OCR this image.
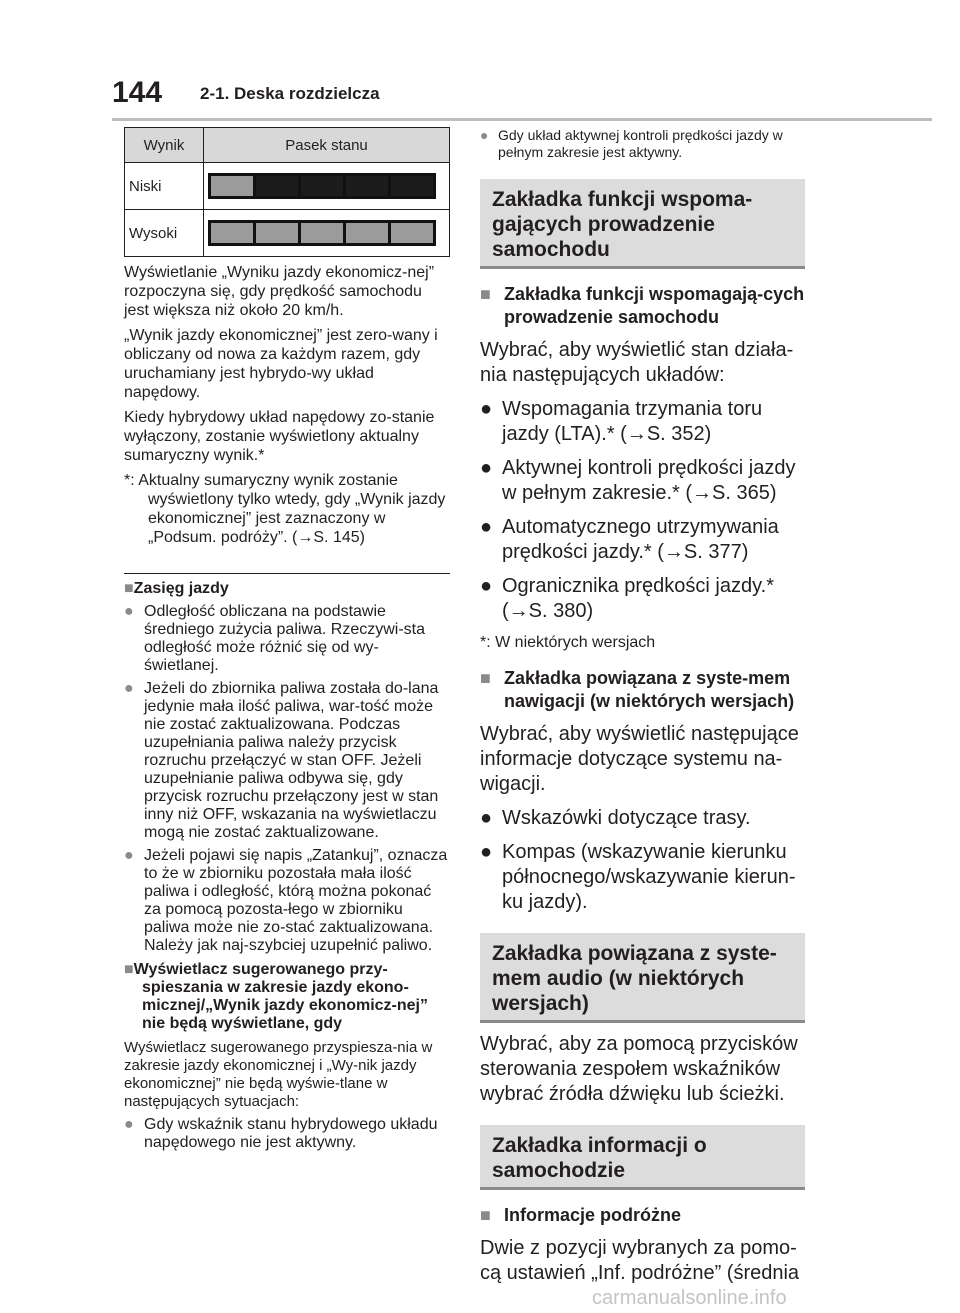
144 2-1. Deska rozdzielcza
Wynik	Pasek stanu
Niski	

Wysoki	

Wyświetlanie „Wyniku jazdy ekonomicz-nej” rozpoczyna się, gdy prędkość samochodu jest większa niż około 20 km/h.

„Wynik jazdy ekonomicznej” jest zero-wany i obliczany od nowa za każdym razem, gdy uruchamiany jest hybrydo-wy układ napędowy.

Kiedy hybrydowy układ napędowy zo-stanie wyłączony, zostanie wyświetlony aktualny sumaryczny wynik.*

*: Aktualny sumaryczny wynik zostanie wyświetlony tylko wtedy, gdy „Wynik jazdy ekonomicznej” jest zaznaczony w „Podsum. podróży”. (→S. 145)

■Zasięg jazdy
● Odległość obliczana na podstawie średniego zużycia paliwa. Rzeczywi-sta odległość może różnić się od wy-świetlanej.
● Jeżeli do zbiornika paliwa została do-lana jedynie mała ilość paliwa, war-tość może nie zostać zaktualizowana. Podczas uzupełniania paliwa należy przycisk rozruchu przełączyć w stan OFF. Jeżeli uzupełnianie paliwa odbywa się, gdy przycisk rozruchu przełączony jest w stan inny niż OFF, wskazania na wyświetlaczu mogą nie zostać zaktualizowane.
● Jeżeli pojawi się napis „Zatankuj”, oznacza to że w zbiorniku pozostała mała ilość paliwa i odległość, którą można pokonać za pomocą pozosta-łego w zbiorniku paliwa może nie zo-stać zaktualizowana. Należy jak naj-szybciej uzupełnić paliwo.
■Wyświetlacz sugerowanego przy-spieszania w zakresie jazdy ekono-micznej/„Wynik jazdy ekonomicz-nej” nie będą wyświetlane, gdy
Wyświetlacz sugerowanego przyspiesza-nia w zakresie jazdy ekonomicznej i „Wy-nik jazdy ekonomicznej” nie będą wyświe-tlane w następujących sytuacjach:
● Gdy wskaźnik stanu hybrydowego układu napędowego nie jest aktywny.
● Gdy układ aktywnej kontroli prędkości jazdy w pełnym zakresie jest aktywny.
Zakładka funkcji wspoma-gających prowadzenie samochodu
■ Zakładka funkcji wspomagają-cych prowadzenie samochodu
Wybrać, aby wyświetlić stan działa-nia następujących układów:
● Wspomagania trzymania toru jazdy (LTA).* (→S. 352)
● Aktywnej kontroli prędkości jazdy w pełnym zakresie.* (→S. 365)
● Automatycznego utrzymywania prędkości jazdy.* (→S. 377)
● Ogranicznika prędkości jazdy.* (→S. 380)
*: W niektórych wersjach
■ Zakładka powiązana z syste-mem nawigacji (w niektórych wersjach)
Wybrać, aby wyświetlić następujące informacje dotyczące systemu na-wigacji.
● Wskazówki dotyczące trasy.
● Kompas (wskazywanie kierunku północnego/wskazywanie kierun-ku jazdy).
Zakładka powiązana z syste-mem audio (w niektórych wersjach)
Wybrać, aby za pomocą przycisków sterowania zespołem wskaźników wybrać źródła dźwięku lub ścieżki.
Zakładka informacji o samochodzie
■ Informacje podróżne
Dwie z pozycji wybranych za pomo-cą ustawień „Inf. podróżne” (średnia
carmanualsonline.info
